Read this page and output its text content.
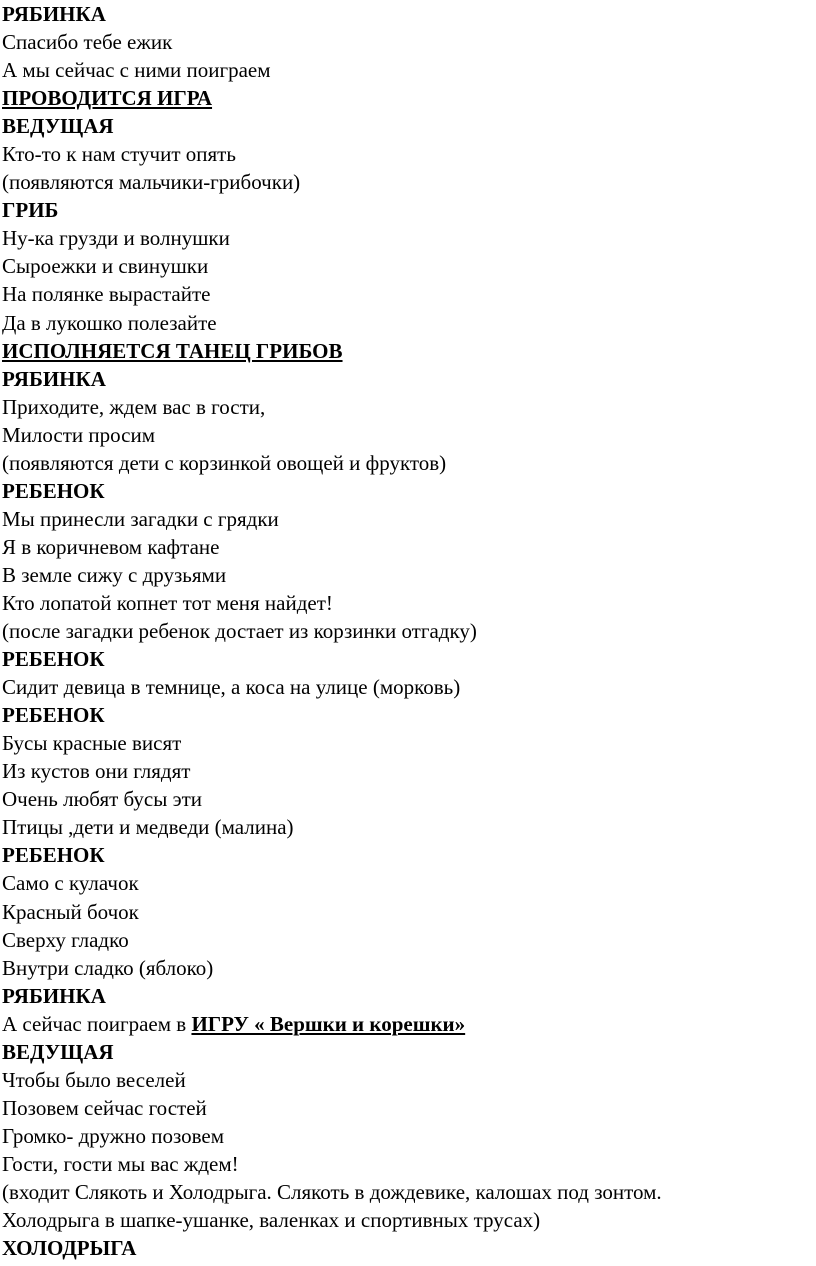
РЯБИНКА
Спасибо тебе ежик
А мы сейчас с ними поиграем
ПРОВОДИТСЯ ИГРА
ВЕДУЩАЯ
Кто-то к нам стучит опять
(появляются мальчики-грибочки)
ГРИБ
Ну-ка грузди и волнушки
Сыроежки и свинушки
На полянке вырастайте
Да в лукошко полезайте
ИСПОЛНЯЕТСЯ ТАНЕЦ ГРИБОВ
РЯБИНКА
Приходите, ждем вас в гости,
Милости просим
(появляются дети с корзинкой овощей и фруктов)
РЕБЕНОК
Мы принесли загадки с грядки
Я в коричневом кафтане
В земле сижу с друзьями
Кто лопатой копнет тот меня найдет!
(после загадки ребенок достает из корзинки отгадку)
РЕБЕНОК
Сидит девица в темнице, а коса на улице (морковь)
РЕБЕНОК
Бусы красные висят
Из кустов они глядят
Очень любят бусы эти
Птицы ,дети и медведи (малина)
РЕБЕНОК
Само с кулачок
Красный бочок
Сверху гладко
Внутри сладко (яблоко)
РЯБИНКА
А сейчас поиграем в ИГРУ « Вершки и корешки»
ВЕДУЩАЯ
Чтобы было веселей
Позовем сейчас гостей
Громко- дружно позовем
Гости, гости мы вас ждем!
(входит Слякоть и Холодрыга. Слякоть в дождевике, калошах под зонтом.
Холодрыга в шапке-ушанке, валенках и спортивных трусах)
ХОЛОДРЫГА
